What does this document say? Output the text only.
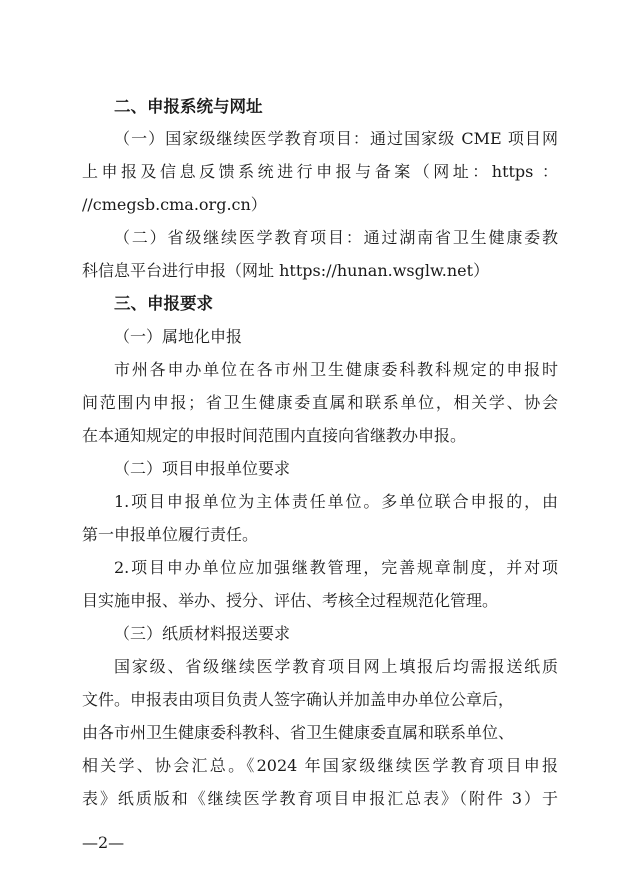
二、申报系统与网址
（一）国家级继续医学教育项目：通过国家级 CME 项目网
上申报及信息反馈系统进行申报与备案（网址：https ：
//cmegsb.cma.org.cn）
（二）省级继续医学教育项目：通过湖南省卫生健康委教
科信息平台进行申报（网址 https://hunan.wsglw.net）
三、申报要求
（一）属地化申报
市州各申办单位在各市州卫生健康委科教科规定的申报时
间范围内申报；省卫生健康委直属和联系单位，相关学、协会
在本通知规定的申报时间范围内直接向省继教办申报。
（二）项目申报单位要求
1.项目申报单位为主体责任单位。多单位联合申报的，由
第一申报单位履行责任。
2.项目申办单位应加强继教管理，完善规章制度，并对项
目实施申报、举办、授分、评估、考核全过程规范化管理。
（三）纸质材料报送要求
国家级、省级继续医学教育项目网上填报后均需报送纸质
文件。申报表由项目负责人签字确认并加盖申办单位公章后，
由各市州卫生健康委科教科、省卫生健康委直属和联系单位、
相关学、协会汇总。《2024 年国家级继续医学教育项目申报
表》纸质版和《继续医学教育项目申报汇总表》（附件 3）于
—2—
